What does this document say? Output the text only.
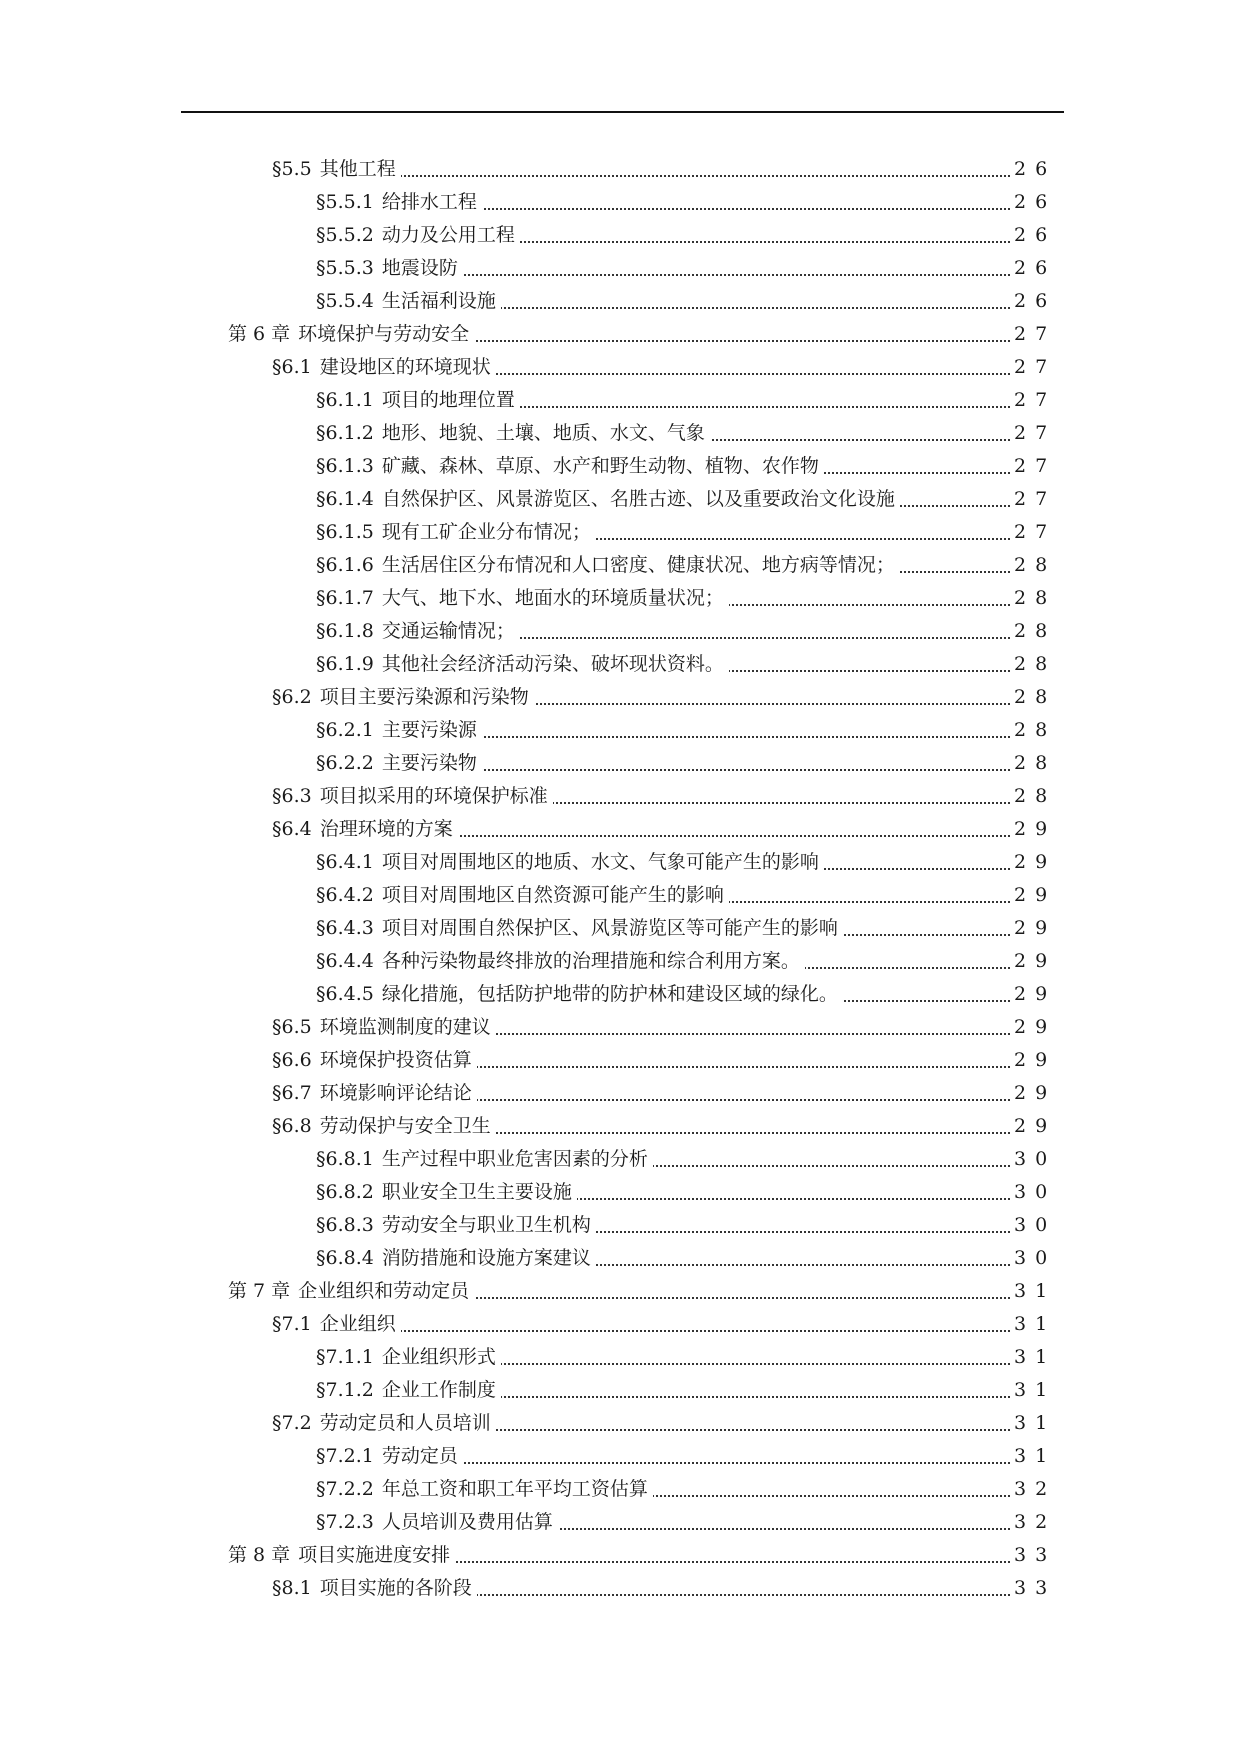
§5.5 其他工程	26
§5.5.1 给排水工程	26
§5.5.2 动力及公用工程	26
§5.5.3 地震设防	26
§5.5.4 生活福利设施	26
第 6 章 环境保护与劳动安全	27
§6.1 建设地区的环境现状	27
§6.1.1 项目的地理位置	27
§6.1.2 地形、地貌、土壤、地质、水文、气象	27
§6.1.3 矿藏、森林、草原、水产和野生动物、植物、农作物	27
§6.1.4 自然保护区、风景游览区、名胜古迹、以及重要政治文化设施	27
§6.1.5 现有工矿企业分布情况；	27
§6.1.6 生活居住区分布情况和人口密度、健康状况、地方病等情况；	28
§6.1.7 大气、地下水、地面水的环境质量状况；	28
§6.1.8 交通运输情况；	28
§6.1.9 其他社会经济活动污染、破坏现状资料。	28
§6.2 项目主要污染源和污染物	28
§6.2.1 主要污染源	28
§6.2.2 主要污染物	28
§6.3 项目拟采用的环境保护标准	28
§6.4 治理环境的方案	29
§6.4.1 项目对周围地区的地质、水文、气象可能产生的影响	29
§6.4.2 项目对周围地区自然资源可能产生的影响	29
§6.4.3 项目对周围自然保护区、风景游览区等可能产生的影响	29
§6.4.4 各种污染物最终排放的治理措施和综合利用方案。	29
§6.4.5 绿化措施，包括防护地带的防护林和建设区域的绿化。	29
§6.5 环境监测制度的建议	29
§6.6 环境保护投资估算	29
§6.7 环境影响评论结论	29
§6.8 劳动保护与安全卫生	29
§6.8.1 生产过程中职业危害因素的分析	30
§6.8.2 职业安全卫生主要设施	30
§6.8.3 劳动安全与职业卫生机构	30
§6.8.4 消防措施和设施方案建议	30
第 7 章 企业组织和劳动定员	31
§7.1 企业组织	31
§7.1.1 企业组织形式	31
§7.1.2 企业工作制度	31
§7.2 劳动定员和人员培训	31
§7.2.1 劳动定员	31
§7.2.2 年总工资和职工年平均工资估算	32
§7.2.3 人员培训及费用估算	32
第 8 章 项目实施进度安排	33
§8.1 项目实施的各阶段	33
